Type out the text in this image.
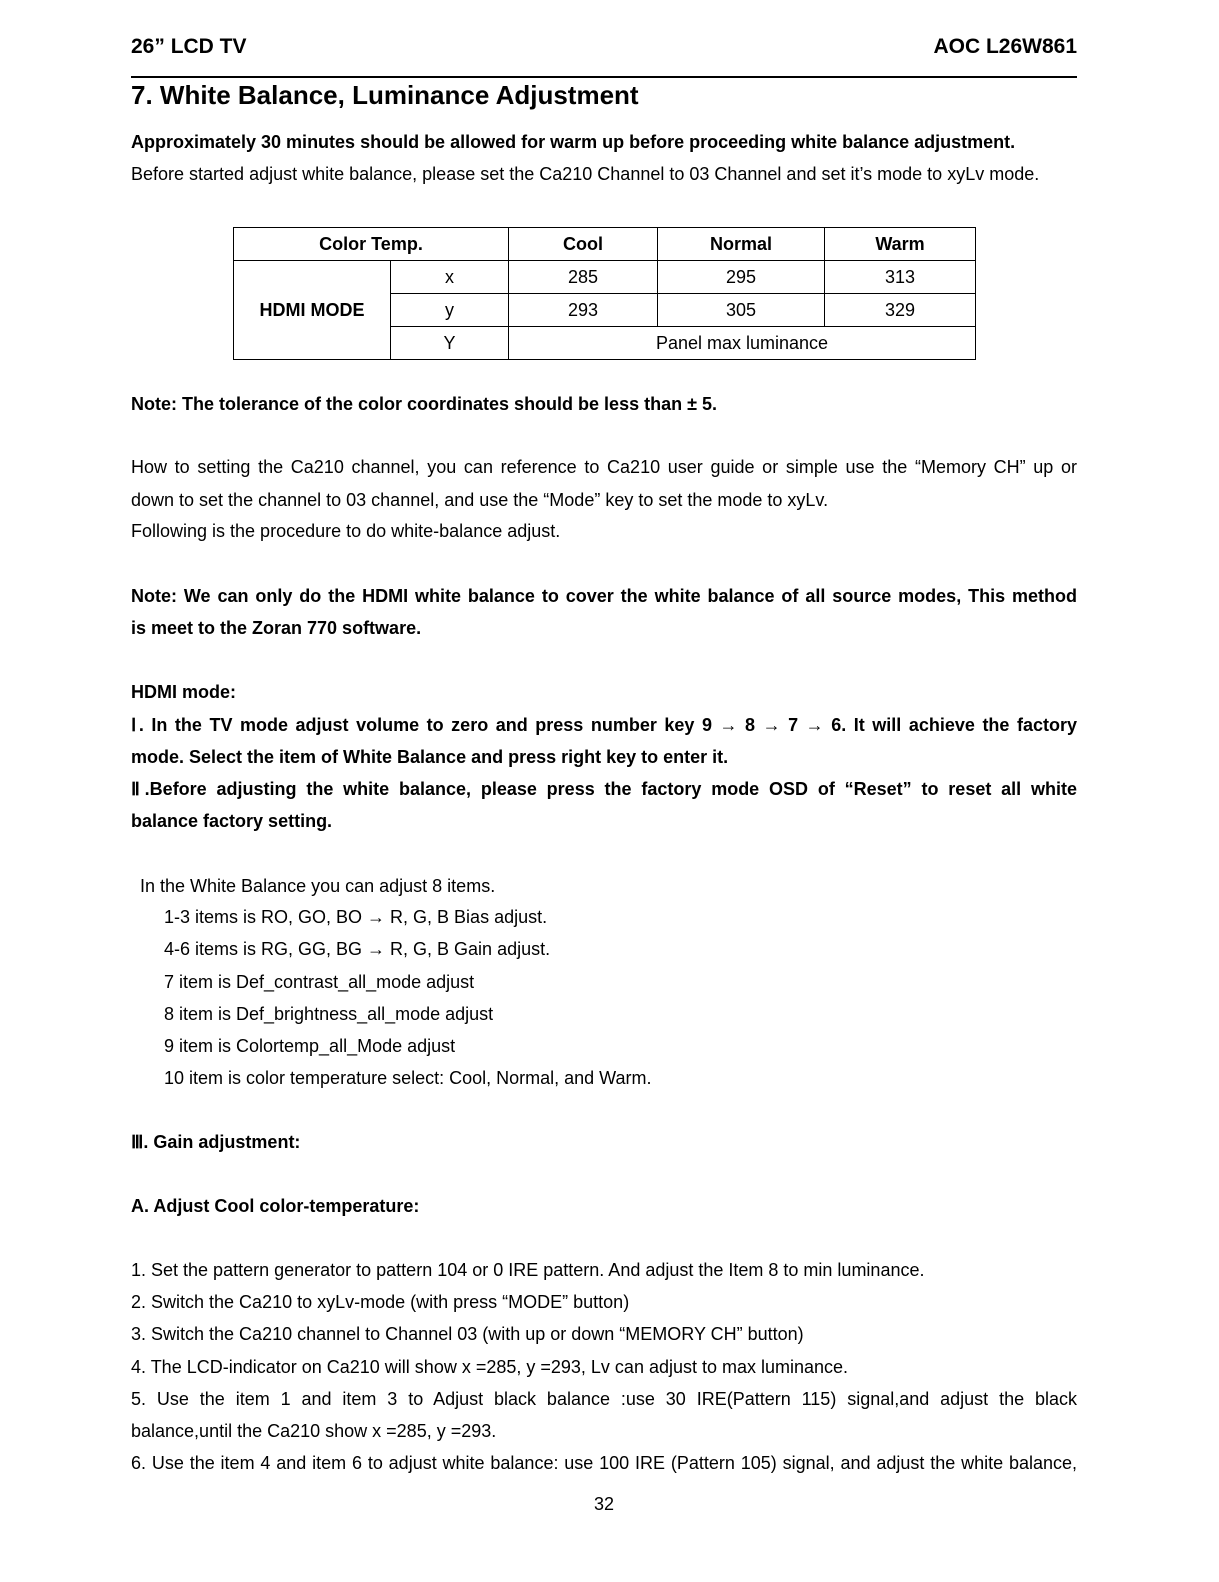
26” LCD TV	AOC L26W861
7. White Balance, Luminance Adjustment
Approximately 30 minutes should be allowed for warm up before proceeding white balance adjustment.
Before started adjust white balance, please set the Ca210 Channel to 03 Channel and set it’s mode to xyLv mode.
Color Temp.		Cool	Normal	Warm
HDMI MODE	x	285	295	313
	y	293	305	329
	Y	Panel max luminance		
Note: The tolerance of the color coordinates should be less than ± 5.
How to setting the Ca210 channel, you can reference to Ca210 user guide or simple use the “Memory CH” up or
down to set the channel to 03 channel, and use the “Mode” key to set the mode to xyLv.
Following is the procedure to do white-balance adjust.
Note: We can only do the HDMI white balance to cover the white balance of all source modes, This method
is meet to the Zoran 770 software.
HDMI mode:
Ⅰ. In the TV mode adjust volume to zero and press number key 9 → 8 → 7 → 6. It will achieve the factory
mode. Select the item of White Balance and press right key to enter it.
Ⅱ.Before adjusting the white balance, please press the factory mode OSD of “Reset” to reset all white
balance factory setting.
In the White Balance you can adjust 8 items.
1-3 items is RO, GO, BO → R, G, B Bias adjust.
4-6 items is RG, GG, BG → R, G, B Gain adjust.
7 item is Def_contrast_all_mode adjust
8 item is Def_brightness_all_mode adjust
9 item is Colortemp_all_Mode adjust
10 item is color temperature select: Cool, Normal, and Warm.
Ⅲ. Gain adjustment:
A. Adjust Cool color-temperature:
1. Set the pattern generator to pattern 104 or 0 IRE pattern. And adjust the Item 8 to min luminance.
2. Switch the Ca210 to xyLv-mode (with press “MODE” button)
3. Switch the Ca210 channel to Channel 03 (with up or down “MEMORY CH” button)
4. The LCD-indicator on Ca210 will show x =285, y =293, Lv can adjust to max luminance.
5. Use the item 1 and item 3 to Adjust black balance :use 30 IRE(Pattern 115) signal,and adjust the black
balance,until the Ca210 show x =285, y =293.
6. Use the item 4 and item 6 to adjust white balance: use 100 IRE (Pattern 105) signal, and adjust the white balance,
32
